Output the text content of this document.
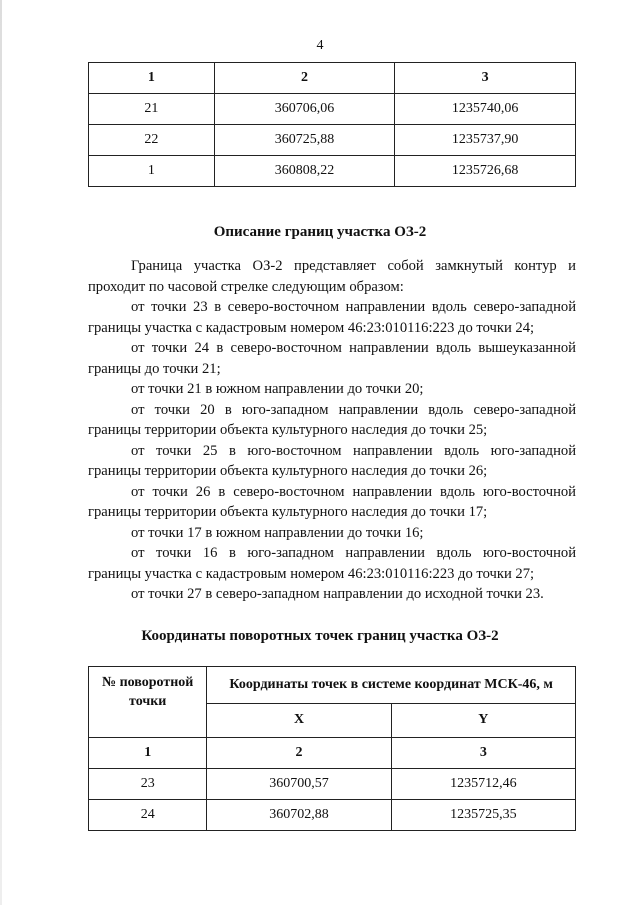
4
1	2	3
21	360706,06	1235740,06
22	360725,88	1235737,90
1	360808,22	1235726,68
Описание границ участка ОЗ-2

Граница участка ОЗ-2 представляет собой замкнутый контур и проходит по часовой стрелке следующим образом:

от точки 23 в северо-восточном направлении вдоль северо-западной границы участка с кадастровым номером 46:23:010116:223 до точки 24;

от точки 24 в северо-восточном направлении вдоль вышеуказанной границы до точки 21;

от точки 21 в южном направлении до точки 20;

от точки 20 в юго-западном направлении вдоль северо-западной границы территории объекта культурного наследия до точки 25;

от точки 25 в юго-восточном направлении вдоль юго-западной границы территории объекта культурного наследия до точки 26;

от точки 26 в северо-восточном направлении вдоль юго-восточной границы территории объекта культурного наследия до точки 17;

от точки 17 в южном направлении до точки 16;

от точки 16 в юго-западном направлении вдоль юго-восточной границы участка с кадастровым номером 46:23:010116:223 до точки 27;

от точки 27 в северо-западном направлении до исходной точки 23.

Координаты поворотных точек границ участка ОЗ-2
№ поворотной точки	Координаты точек в системе координат МСК-46, м	
	X	Y
1	2	3
23	360700,57	1235712,46
24	360702,88	1235725,35
